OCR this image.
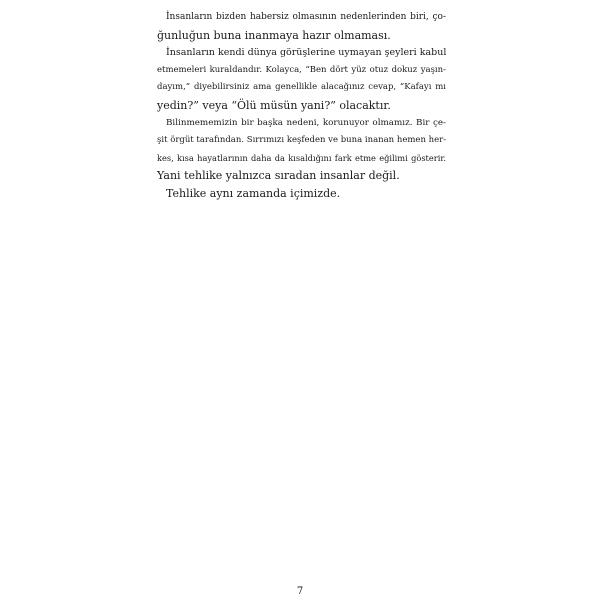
İnsanların bizden habersiz olmasının nedenlerinden biri, ço-
ğunluğun buna inanmaya hazır olmaması.

İnsanların kendi dünya görüşlerine uymayan şeyleri kabul
etmemeleri kuraldandır. Kolayca, “Ben dört yüz otuz dokuz yaşın-
dayım,” diyebilirsiniz ama genellikle alacağınız cevap, “Kafayı mı
yedin?” veya “Ölü müsün yani?” olacaktır.

Bilinmememizin bir başka nedeni, korunuyor olmamız. Bir çe-
şit örgüt tarafından. Sırrımızı keşfeden ve buna inanan hemen her-
kes, kısa hayatlarının daha da kısaldığını fark etme eğilimi gösterir.
Yani tehlike yalnızca sıradan insanlar değil.

Tehlike aynı zamanda içimizde.

7
